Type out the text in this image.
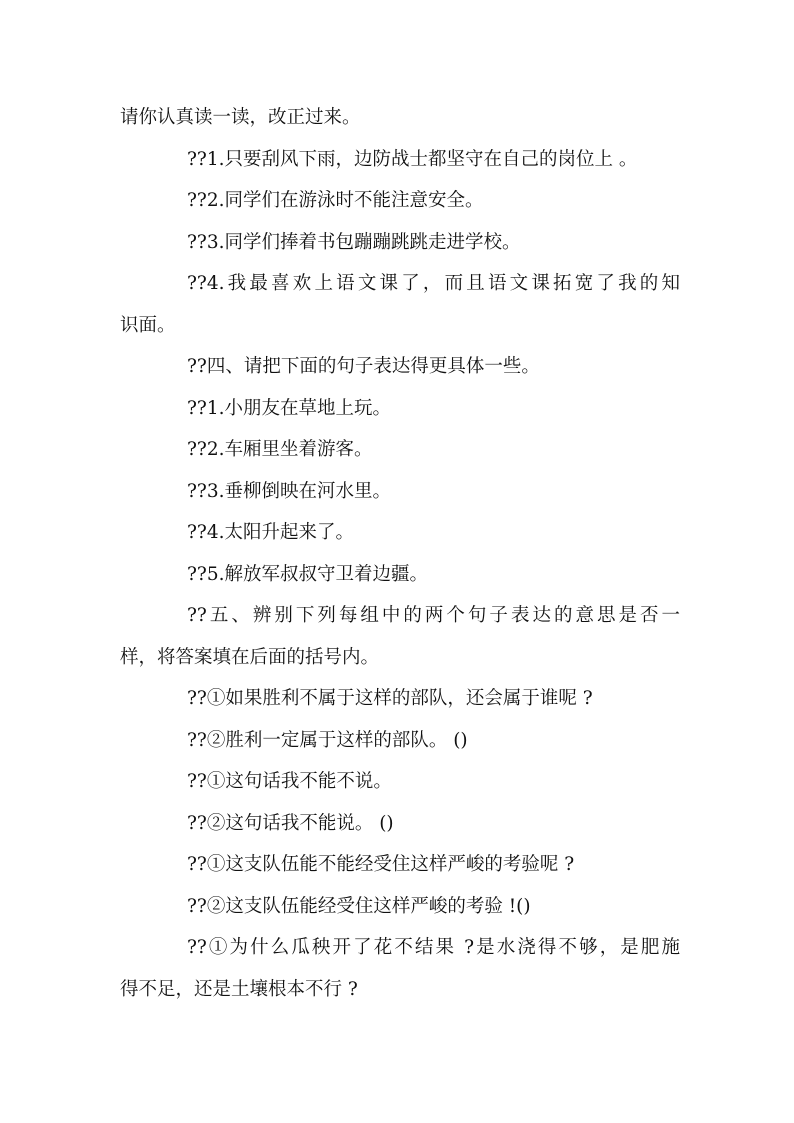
请你认真读一读，改正过来。
??1.只要刮风下雨，边防战士都坚守在自己的岗位上 。
??2.同学们在游泳时不能注意安全。
??3.同学们捧着书包蹦蹦跳跳走进学校。
??4.我最喜欢上语文课了，而且语文课拓宽了我的知
识面。
??四、请把下面的句子表达得更具体一些。
??1.小朋友在草地上玩。
??2.车厢里坐着游客。
??3.垂柳倒映在河水里。
??4.太阳升起来了。
??5.解放军叔叔守卫着边疆。
??五、辨别下列每组中的两个句子表达的意思是否一
样，将答案填在后面的括号内。
??①如果胜利不属于这样的部队，还会属于谁呢 ?
??②胜利一定属于这样的部队。 ()
??①这句话我不能不说。
??②这句话我不能说。 ()
??①这支队伍能不能经受住这样严峻的考验呢 ?
??②这支队伍能经受住这样严峻的考验 !()
??①为什么瓜秧开了花不结果 ?是水浇得不够，是肥施
得不足，还是土壤根本不行 ?
